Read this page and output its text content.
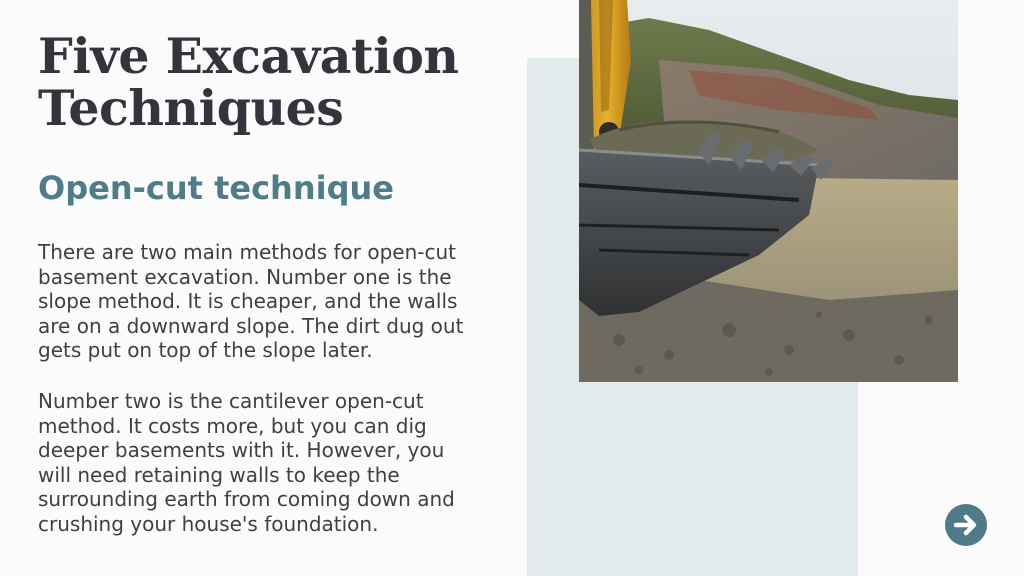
Five Excavation
Techniques
Open-cut technique

There are two main methods for open-cut basement excavation. Number one is the slope method. It is cheaper, and the walls are on a downward slope. The dirt dug out gets put on top of the slope later.

Number two is the cantilever open-cut method. It costs more, but you can dig deeper basements with it. However, you will need retaining walls to keep the surrounding earth from coming down and crushing your house's foundation.
